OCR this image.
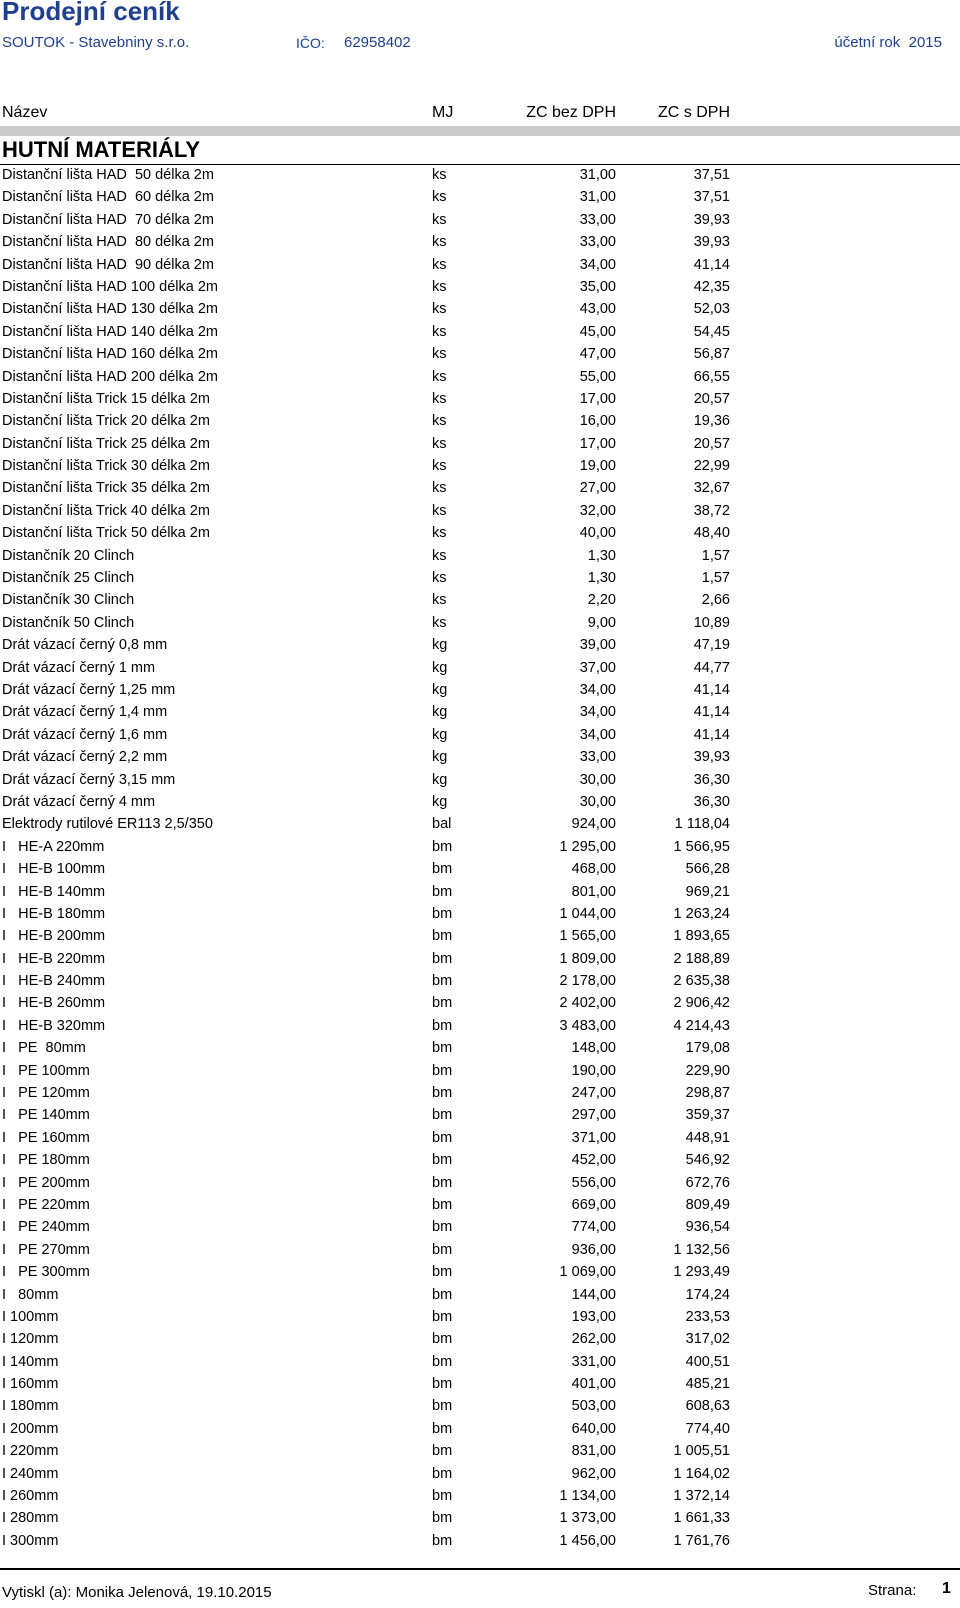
Prodejní ceník
SOUTOK - Stavebniny s.r.o.	IČO: 62958402	účetní rok 2015
Název	MJ	ZC bez DPH	ZC s DPH
HUTNÍ MATERIÁLY
Distanční lišta HAD  50 délka 2m	ks	31,00	37,51
Distanční lišta HAD  60 délka 2m	ks	31,00	37,51
Distanční lišta HAD  70 délka 2m	ks	33,00	39,93
Distanční lišta HAD  80 délka 2m	ks	33,00	39,93
Distanční lišta HAD  90 délka 2m	ks	34,00	41,14
Distanční lišta HAD 100 délka 2m	ks	35,00	42,35
Distanční lišta HAD 130 délka 2m	ks	43,00	52,03
Distanční lišta HAD 140 délka 2m	ks	45,00	54,45
Distanční lišta HAD 160 délka 2m	ks	47,00	56,87
Distanční lišta HAD 200 délka 2m	ks	55,00	66,55
Distanční lišta Trick 15 délka 2m	ks	17,00	20,57
Distanční lišta Trick 20 délka 2m	ks	16,00	19,36
Distanční lišta Trick 25 délka 2m	ks	17,00	20,57
Distanční lišta Trick 30 délka 2m	ks	19,00	22,99
Distanční lišta Trick 35 délka 2m	ks	27,00	32,67
Distanční lišta Trick 40 délka 2m	ks	32,00	38,72
Distanční lišta Trick 50 délka 2m	ks	40,00	48,40
Distančník 20 Clinch	ks	1,30	1,57
Distančník 25 Clinch	ks	1,30	1,57
Distančník 30 Clinch	ks	2,20	2,66
Distančník 50 Clinch	ks	9,00	10,89
Drát vázací černý 0,8 mm	kg	39,00	47,19
Drát vázací černý 1 mm	kg	37,00	44,77
Drát vázací černý 1,25 mm	kg	34,00	41,14
Drát vázací černý 1,4 mm	kg	34,00	41,14
Drát vázací černý 1,6 mm	kg	34,00	41,14
Drát vázací černý 2,2 mm	kg	33,00	39,93
Drát vázací černý 3,15 mm	kg	30,00	36,30
Drát vázací černý 4 mm	kg	30,00	36,30
Elektrody rutilové ER113 2,5/350	bal	924,00	1 118,04
I   HE-A 220mm	bm	1 295,00	1 566,95
I   HE-B 100mm	bm	468,00	566,28
I   HE-B 140mm	bm	801,00	969,21
I   HE-B 180mm	bm	1 044,00	1 263,24
I   HE-B 200mm	bm	1 565,00	1 893,65
I   HE-B 220mm	bm	1 809,00	2 188,89
I   HE-B 240mm	bm	2 178,00	2 635,38
I   HE-B 260mm	bm	2 402,00	2 906,42
I   HE-B 320mm	bm	3 483,00	4 214,43
I   PE  80mm	bm	148,00	179,08
I   PE 100mm	bm	190,00	229,90
I   PE 120mm	bm	247,00	298,87
I   PE 140mm	bm	297,00	359,37
I   PE 160mm	bm	371,00	448,91
I   PE 180mm	bm	452,00	546,92
I   PE 200mm	bm	556,00	672,76
I   PE 220mm	bm	669,00	809,49
I   PE 240mm	bm	774,00	936,54
I   PE 270mm	bm	936,00	1 132,56
I   PE 300mm	bm	1 069,00	1 293,49
I   80mm	bm	144,00	174,24
I 100mm	bm	193,00	233,53
I 120mm	bm	262,00	317,02
I 140mm	bm	331,00	400,51
I 160mm	bm	401,00	485,21
I 180mm	bm	503,00	608,63
I 200mm	bm	640,00	774,40
I 220mm	bm	831,00	1 005,51
I 240mm	bm	962,00	1 164,02
I 260mm	bm	1 134,00	1 372,14
I 280mm	bm	1 373,00	1 661,33
I 300mm	bm	1 456,00	1 761,76
Vytiskl (a): Monika Jelenová, 19.10.2015	Strana: 1
